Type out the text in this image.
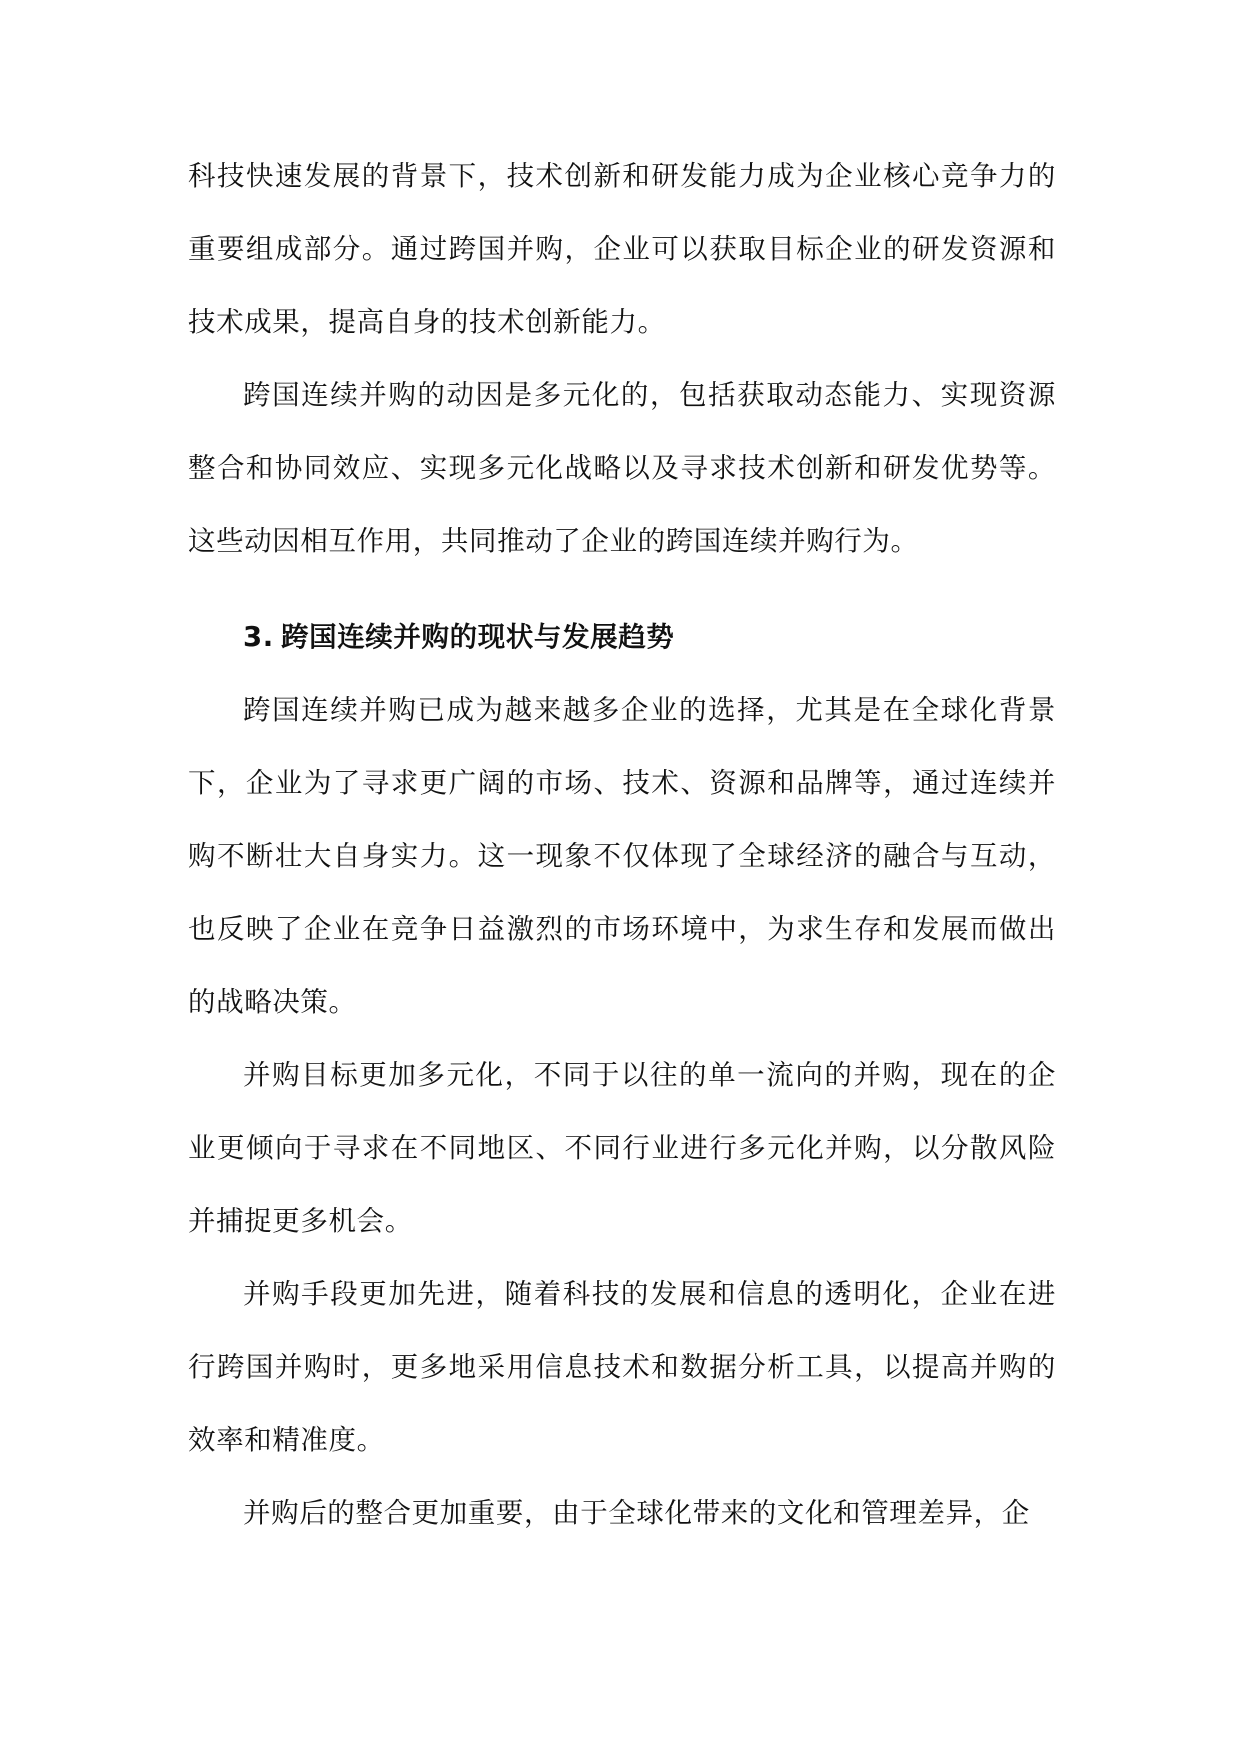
科技快速发展的背景下，技术创新和研发能力成为企业核心竞争力的重要组成部分。通过跨国并购，企业可以获取目标企业的研发资源和技术成果，提高自身的技术创新能力。

跨国连续并购的动因是多元化的，包括获取动态能力、实现资源整合和协同效应、实现多元化战略以及寻求技术创新和研发优势等。这些动因相互作用，共同推动了企业的跨国连续并购行为。

3. 跨国连续并购的现状与发展趋势

跨国连续并购已成为越来越多企业的选择，尤其是在全球化背景下，企业为了寻求更广阔的市场、技术、资源和品牌等，通过连续并购不断壮大自身实力。这一现象不仅体现了全球经济的融合与互动，也反映了企业在竞争日益激烈的市场环境中，为求生存和发展而做出的战略决策。

并购目标更加多元化，不同于以往的单一流向的并购，现在的企业更倾向于寻求在不同地区、不同行业进行多元化并购，以分散风险并捕捉更多机会。

并购手段更加先进，随着科技的发展和信息的透明化，企业在进行跨国并购时，更多地采用信息技术和数据分析工具，以提高并购的效率和精准度。

并购后的整合更加重要，由于全球化带来的文化和管理差异，企
